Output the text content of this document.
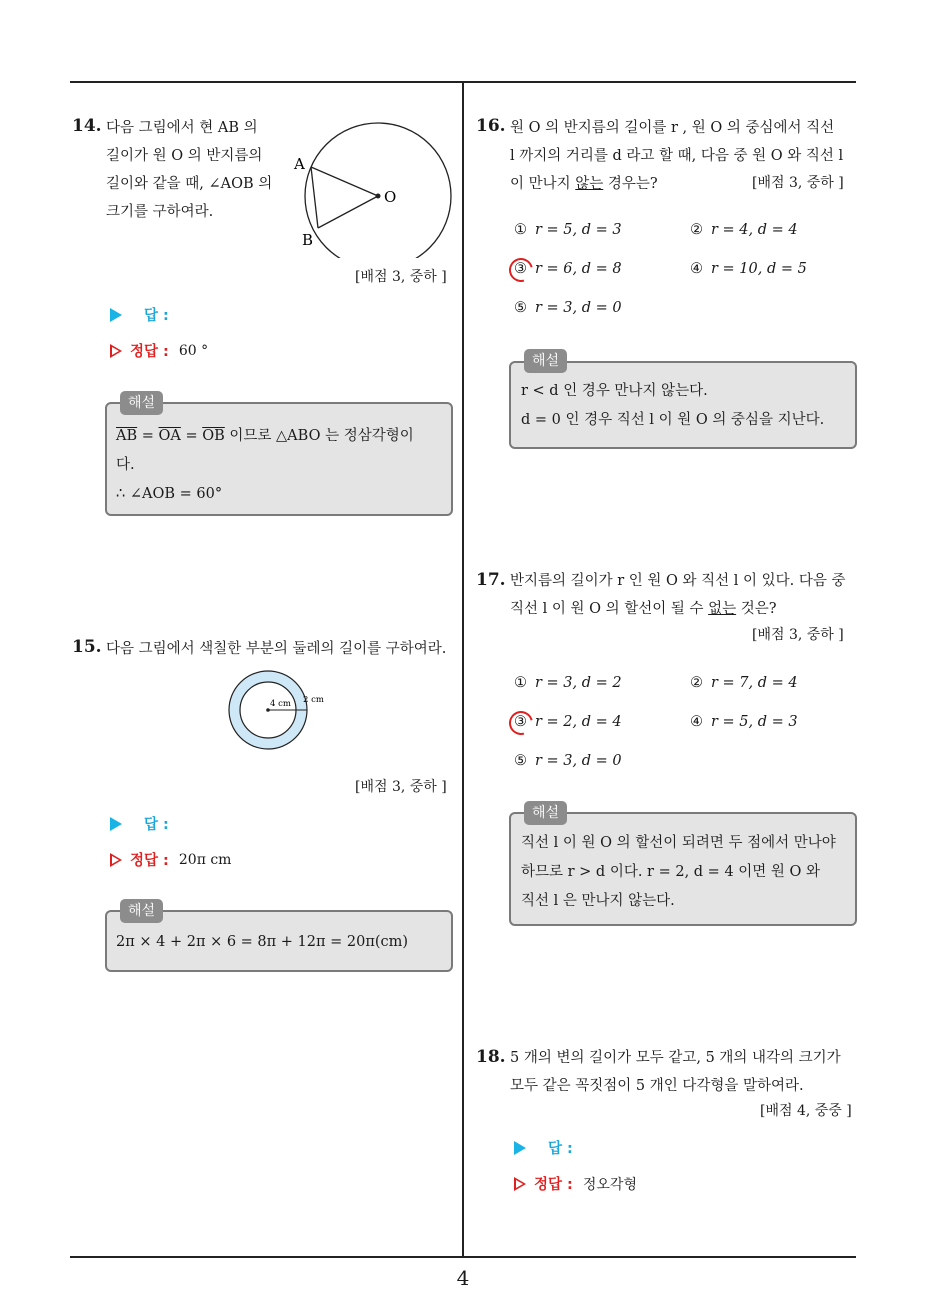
14. 다음 그림에서 현 AB 의
길이가 원 O 의 반지름의
길이와 같을 때, ∠AOB 의
크기를 구하여라.
A
B
O
[배점 3, 중하 ]
답 :
정답 : 60 °
해설
$\overline{AB} = \overline{OA} = \overline{OB}$ 이므로 △ABO 는 정삼각형이
다.
∴ ∠AOB = 60°
15. 다음 그림에서 색칠한 부분의 둘레의 길이를 구하여라.
4 cm 2 cm
[배점 3, 중하 ]
답 :
정답 : 20π cm
해설
2π × 4 + 2π × 6 = 8π + 12π = 20π(cm)
16. 원 O 의 반지름의 길이를 r , 원 O 의 중심에서 직선
l 까지의 거리를 d 라고 할 때, 다음 중 원 O 와 직선 l
이 만나지 않는 경우는?	[배점 3, 중하 ]
① r = 5, d = 3	② r = 4, d = 4
③ r = 6, d = 8	④ r = 10, d = 5
⑤ r = 3, d = 0
해설
r < d 인 경우 만나지 않는다.
d = 0 인 경우 직선 l 이 원 O 의 중심을 지난다.
17. 반지름의 길이가 r 인 원 O 와 직선 l 이 있다. 다음 중
직선 l 이 원 O 의 할선이 될 수 없는 것은?
[배점 3, 중하 ]
① r = 3, d = 2	② r = 7, d = 4
③ r = 2, d = 4	④ r = 5, d = 3
⑤ r = 3, d = 0
해설
직선 l 이 원 O 의 할선이 되려면 두 점에서 만나야
하므로 r > d 이다. r = 2, d = 4 이면 원 O 와
직선 l 은 만나지 않는다.
18. 5 개의 변의 길이가 모두 같고, 5 개의 내각의 크기가
모두 같은 꼭짓점이 5 개인 다각형을 말하여라.
[배점 4, 중중 ]
답 :
정답 : 정오각형
4
